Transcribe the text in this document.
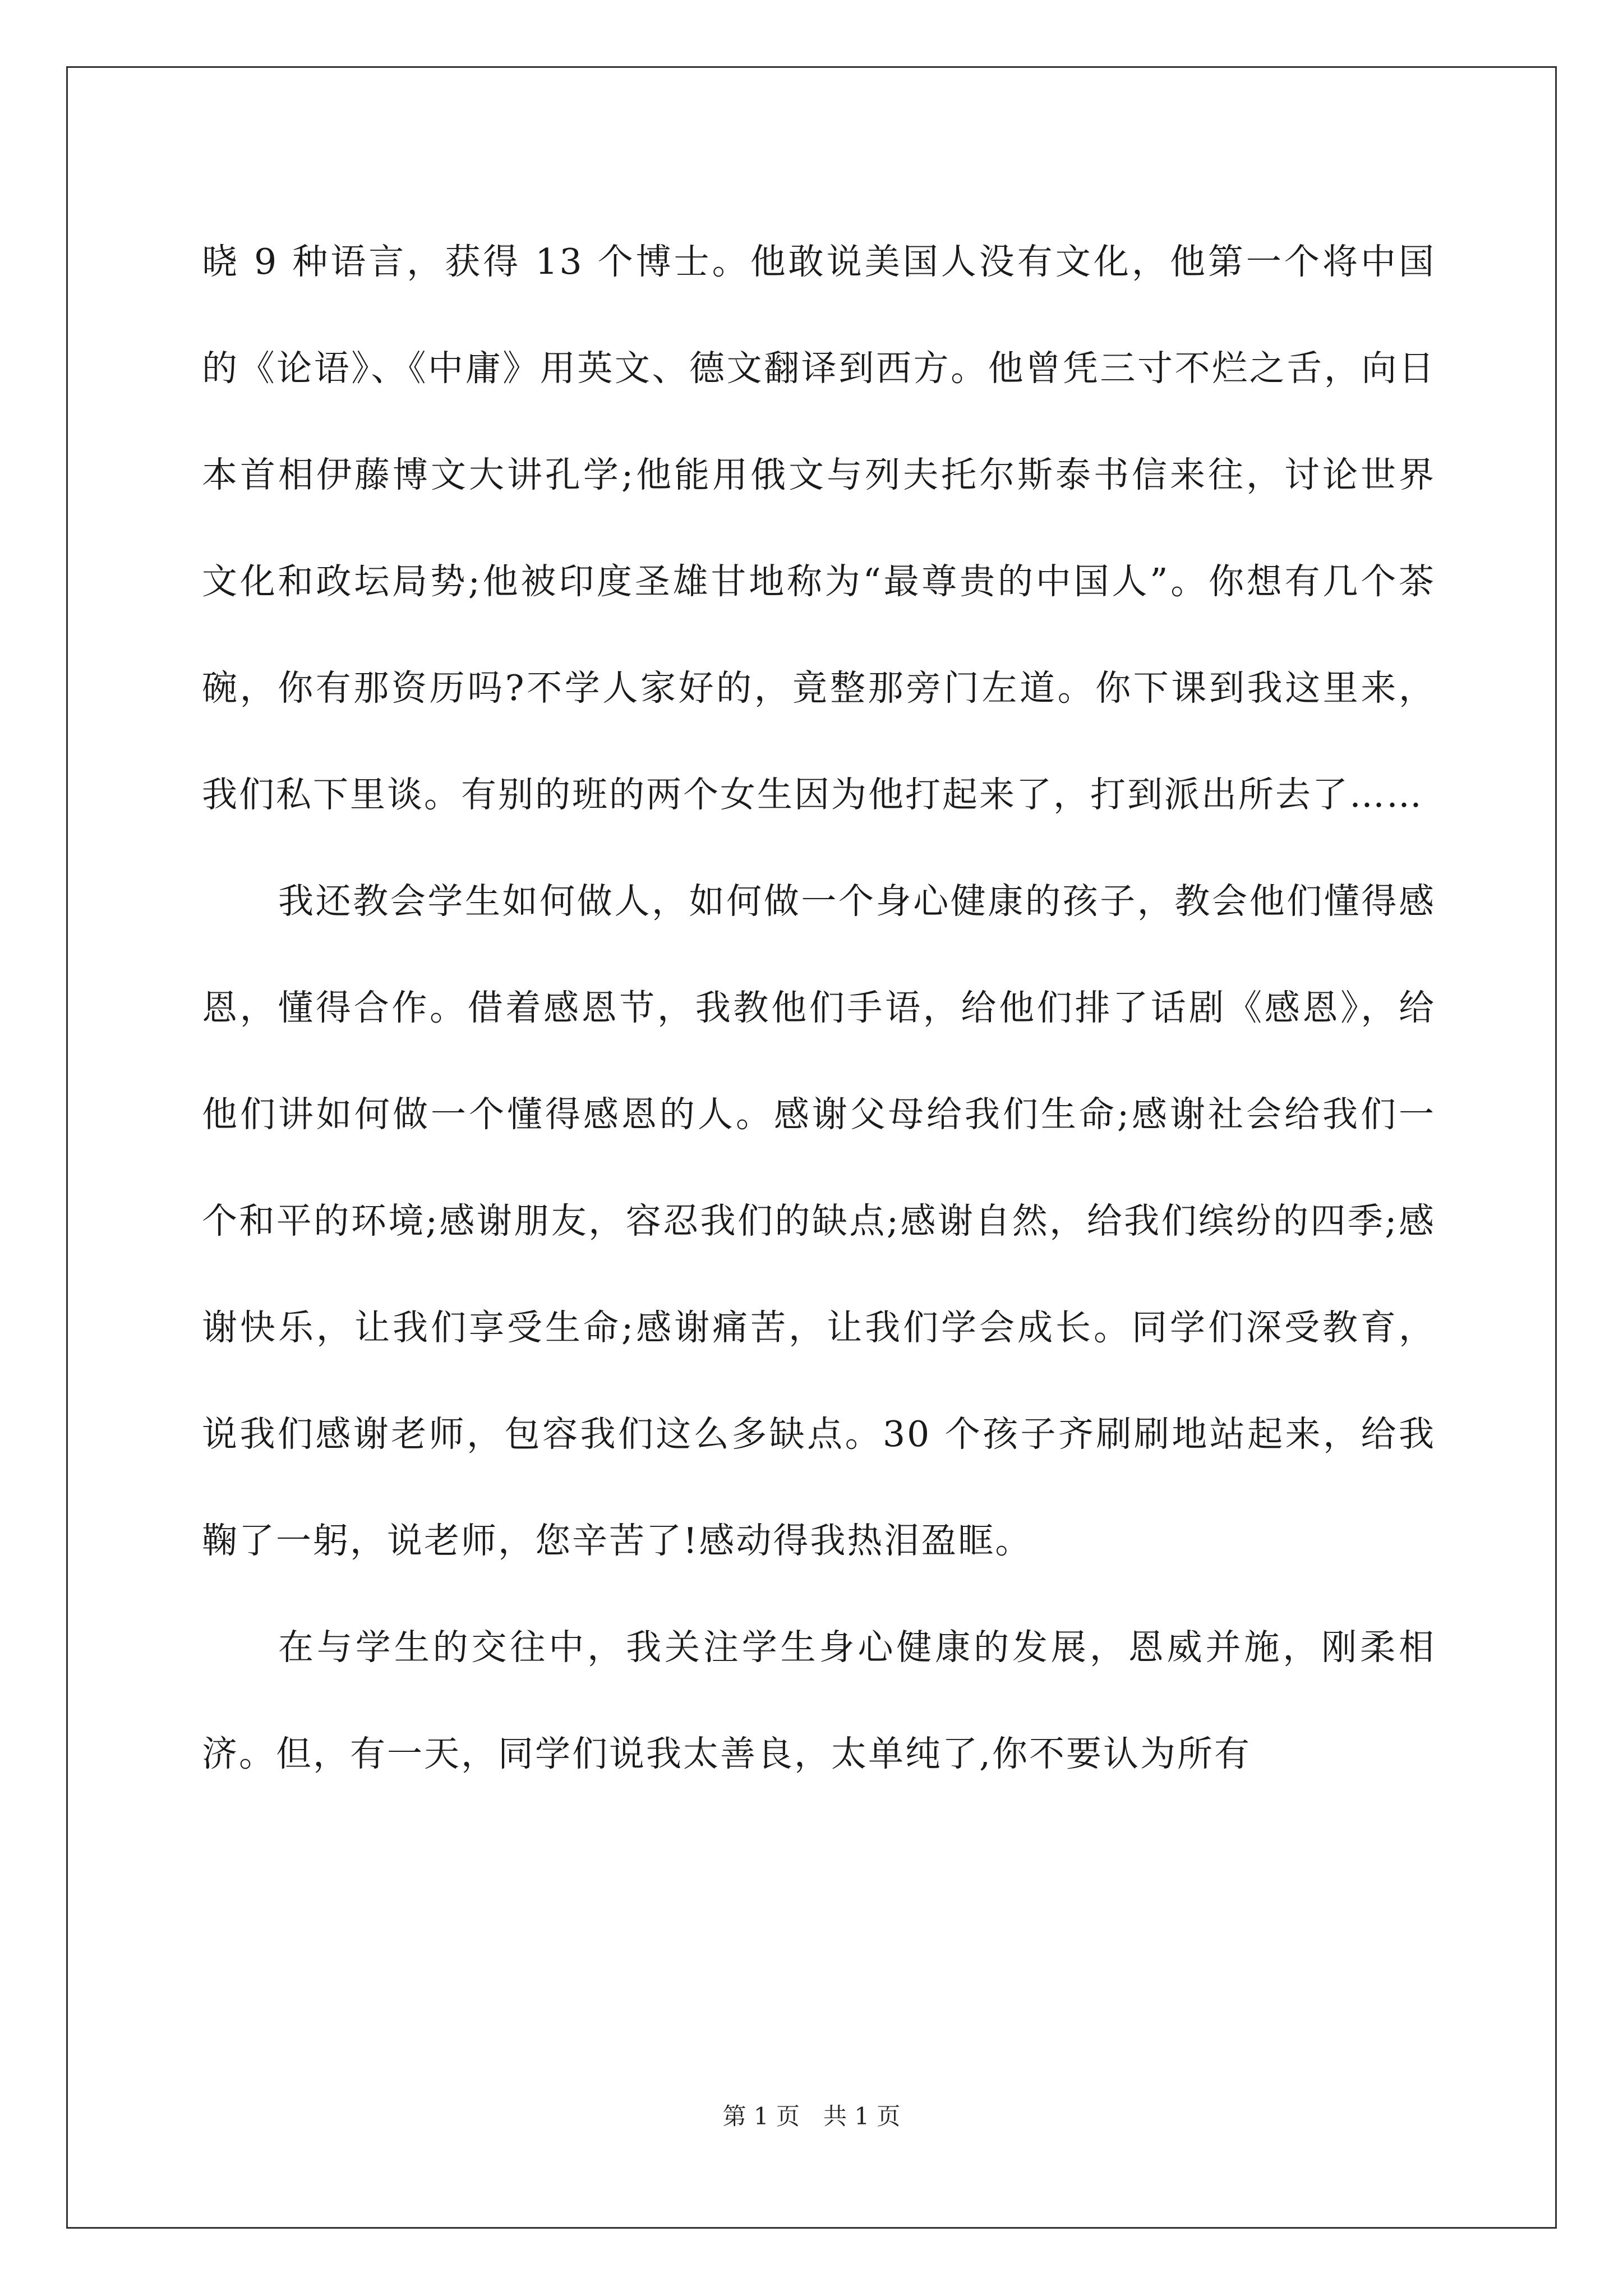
晓 9 种语言，获得 13 个博士。他敢说美国人没有文化，他第一个将中国的《论语》、《中庸》用英文、德文翻译到西方。他曾凭三寸不烂之舌，向日本首相伊藤博文大讲孔学;他能用俄文与列夫托尔斯泰书信来往，讨论世界文化和政坛局势;他被印度圣雄甘地称为“最尊贵的中国人”。你想有几个茶碗，你有那资历吗?不学人家好的，竟整那旁门左道。你下课到我这里来，我们私下里谈。有别的班的两个女生因为他打起来了，打到派出所去了……

我还教会学生如何做人，如何做一个身心健康的孩子，教会他们懂得感恩，懂得合作。借着感恩节，我教他们手语，给他们排了话剧《感恩》，给他们讲如何做一个懂得感恩的人。感谢父母给我们生命;感谢社会给我们一个和平的环境;感谢朋友，容忍我们的缺点;感谢自然，给我们缤纷的四季;感谢快乐，让我们享受生命;感谢痛苦，让我们学会成长。同学们深受教育，说我们感谢老师，包容我们这么多缺点。30 个孩子齐刷刷地站起来，给我鞠了一躬，说老师，您辛苦了!感动得我热泪盈眶。

在与学生的交往中，我关注学生身心健康的发展，恩威并施，刚柔相济。但，有一天，同学们说我太善良，太单纯了,你不要认为所有

第 1 页　共 1 页
